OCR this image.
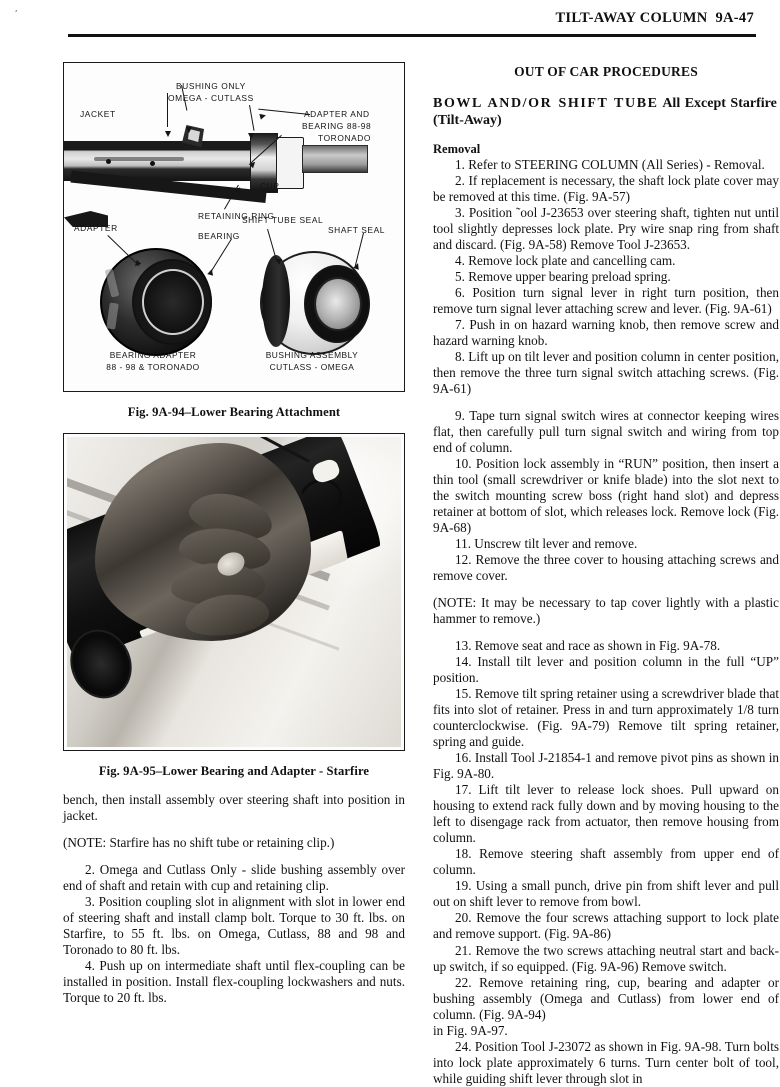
ʼ	TILT-AWAY COLUMN 9A-47
JACKET
BUSHING ONLY
OMEGA - CUTLASS
ADAPTER AND
BEARING 88-98
TORONADO
CUP
RETAINING RING
ADAPTER
BEARING
SHIFT TUBE SEAL
SHAFT SEAL
BEARING ADAPTER
88 - 98 & TORONADO
BUSHING ASSEMBLY
CUTLASS - OMEGA
Fig. 9A-94–Lower Bearing Attachment
Fig. 9A-95–Lower Bearing and Adapter - Starfire

bench, then install assembly over steering shaft into position in jacket.

(NOTE: Starfire has no shift tube or retaining clip.)

2. Omega and Cutlass Only - slide bushing assembly over end of shaft and retain with cup and retaining clip.

3. Position coupling slot in alignment with slot in lower end of steering shaft and install clamp bolt. Torque to 30 ft. lbs. on Starfire, to 55 ft. lbs. on Omega, Cutlass, 88 and 98 and Toronado to 80 ft. lbs.

4. Push up on intermediate shaft until flex-coupling can be installed in position. Install flex-coupling lockwashers and nuts. Torque to 20 ft. lbs.

OUT OF CAR PROCEDURES
BOWL AND/OR SHIFT TUBE All Except Starfire
(Tilt-Away)
Removal

1. Refer to STEERING COLUMN (All Series) - Removal.

2. If replacement is necessary, the shaft lock plate cover may be removed at this time. (Fig. 9A-57)

3. Position ˜ool J-23653 over steering shaft, tighten nut until tool slightly depresses lock plate. Pry wire snap ring from shaft and discard. (Fig. 9A-58) Remove Tool J-23653.

4. Remove lock plate and cancelling cam.

5. Remove upper bearing preload spring.

6. Position turn signal lever in right turn position, then remove turn signal lever attaching screw and lever. (Fig. 9A-61)

7. Push in on hazard warning knob, then remove screw and hazard warning knob.

8. Lift up on tilt lever and position column in center position, then remove the three turn signal switch attaching screws. (Fig. 9A-61)

9. Tape turn signal switch wires at connector keeping wires flat, then carefully pull turn signal switch and wiring from top end of column.

10. Position lock assembly in “RUN” position, then insert a thin tool (small screwdriver or knife blade) into the slot next to the switch mounting screw boss (right hand slot) and depress retainer at bottom of slot, which releases lock. Remove lock (Fig. 9A-68)

11. Unscrew tilt lever and remove.

12. Remove the three cover to housing attaching screws and remove cover.

(NOTE: It may be necessary to tap cover lightly with a plastic hammer to remove.)

13. Remove seat and race as shown in Fig. 9A-78.

14. Install tilt lever and position column in the full “UP” position.

15. Remove tilt spring retainer using a screwdriver blade that fits into slot of retainer. Press in and turn approximately 1/8 turn counterclockwise. (Fig. 9A-79) Remove tilt spring retainer, spring and guide.

16. Install Tool J-21854-1 and remove pivot pins as shown in Fig. 9A-80.

17. Lift tilt lever to release lock shoes. Pull upward on housing to extend rack fully down and by moving housing to the left to disengage rack from actuator, then remove housing from column.

18. Remove steering shaft assembly from upper end of column.

19. Using a small punch, drive pin from shift lever and pull out on shift lever to remove from bowl.

20. Remove the four screws attaching support to lock plate and remove support. (Fig. 9A-86)

21. Remove the two screws attaching neutral start and back-up switch, if so equipped. (Fig. 9A-96) Remove switch.

22. Remove retaining ring, cup, bearing and adapter or bushing assembly (Omega and Cutlass) from lower end of column. (Fig. 9A-94)

in Fig. 9A-97.

24. Position Tool J-23072 as shown in Fig. 9A-98. Turn bolts into lock plate approximately 6 turns. Turn center bolt of tool, while guiding shift lever through slot in
